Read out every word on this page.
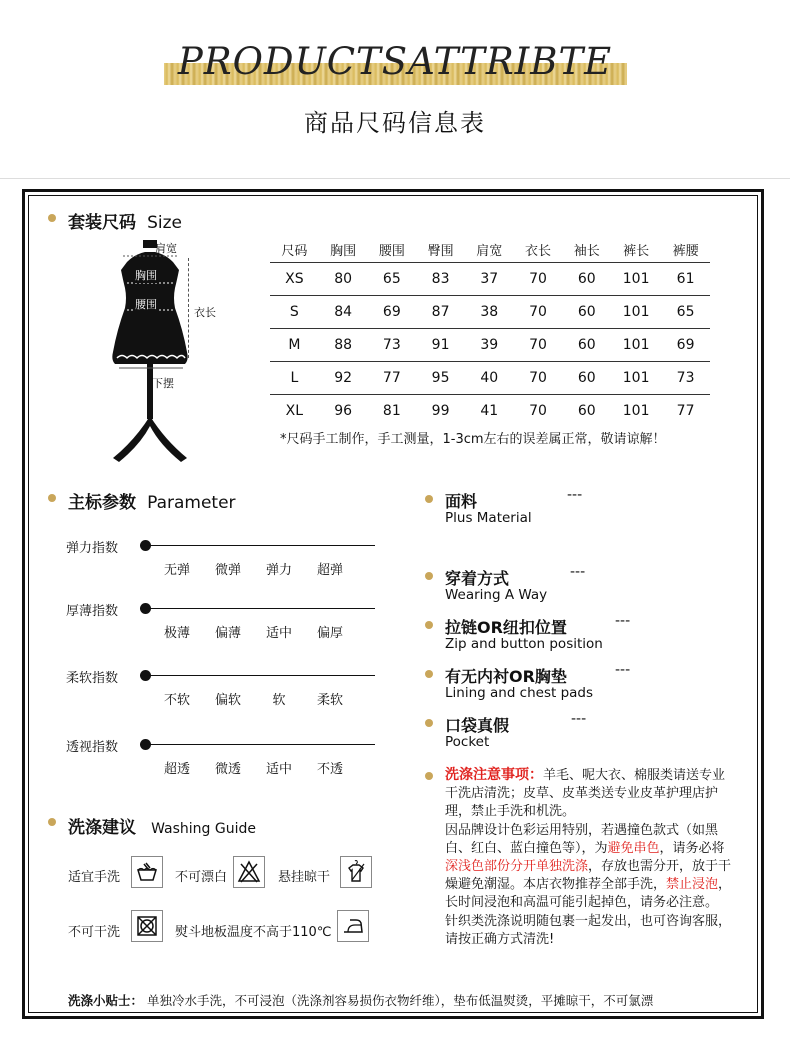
PRODUCTSATTRIBTE
商品尺码信息表
套装尺码 Size
肩宽
胸围
腰围
衣长
下摆
尺码	胸围	腰围	臀围	肩宽	衣长	袖长	裤长	裤腰
XS	80	65	83	37	70	60	101	61
S	84	69	87	38	70	60	101	65
M	88	73	91	39	70	60	101	69
L	92	77	95	40	70	60	101	73
XL	96	81	99	41	70	60	101	77
*尺码手工制作，手工测量，1-3cm左右的误差属正常，敬请谅解！
主标参数 Parameter
弹力指数
无弹	微弹	弹力	超弹
厚薄指数
极薄	偏薄	适中	偏厚
柔软指数
不软	偏软	软	柔软
透视指数
超透	微透	适中	不透
面料	---
Plus Material
穿着方式	---
Wearing A Way
拉链OR纽扣位置	---
Zip and button position
有无内衬OR胸垫	---
Lining and chest pads
口袋真假	---
Pocket
洗涤注意事项：羊毛、呢大衣、棉服类请送专业干洗店清洗；皮草、皮革类送专业皮革护理店护理，禁止手洗和机洗。
因品牌设计色彩运用特别，若遇撞色款式（如黑白、红白、蓝白撞色等），为避免串色，请务必将深浅色部份分开单独洗涤，存放也需分开，放于干燥避免潮湿。本店衣物推荐全部手洗，禁止浸泡，长时间浸泡和高温可能引起掉色，请务必注意。
针织类洗涤说明随包裹一起发出，也可咨询客服，请按正确方式清洗!
洗涤建议 Washing Guide
适宜手洗	不可漂白	悬挂晾干
不可干洗	熨斗地板温度不高于110℃
洗涤小贴士： 单独冷水手洗，不可浸泡（洗涤剂容易损伤衣物纤维），垫布低温熨烫，平摊晾干，不可氯漂
